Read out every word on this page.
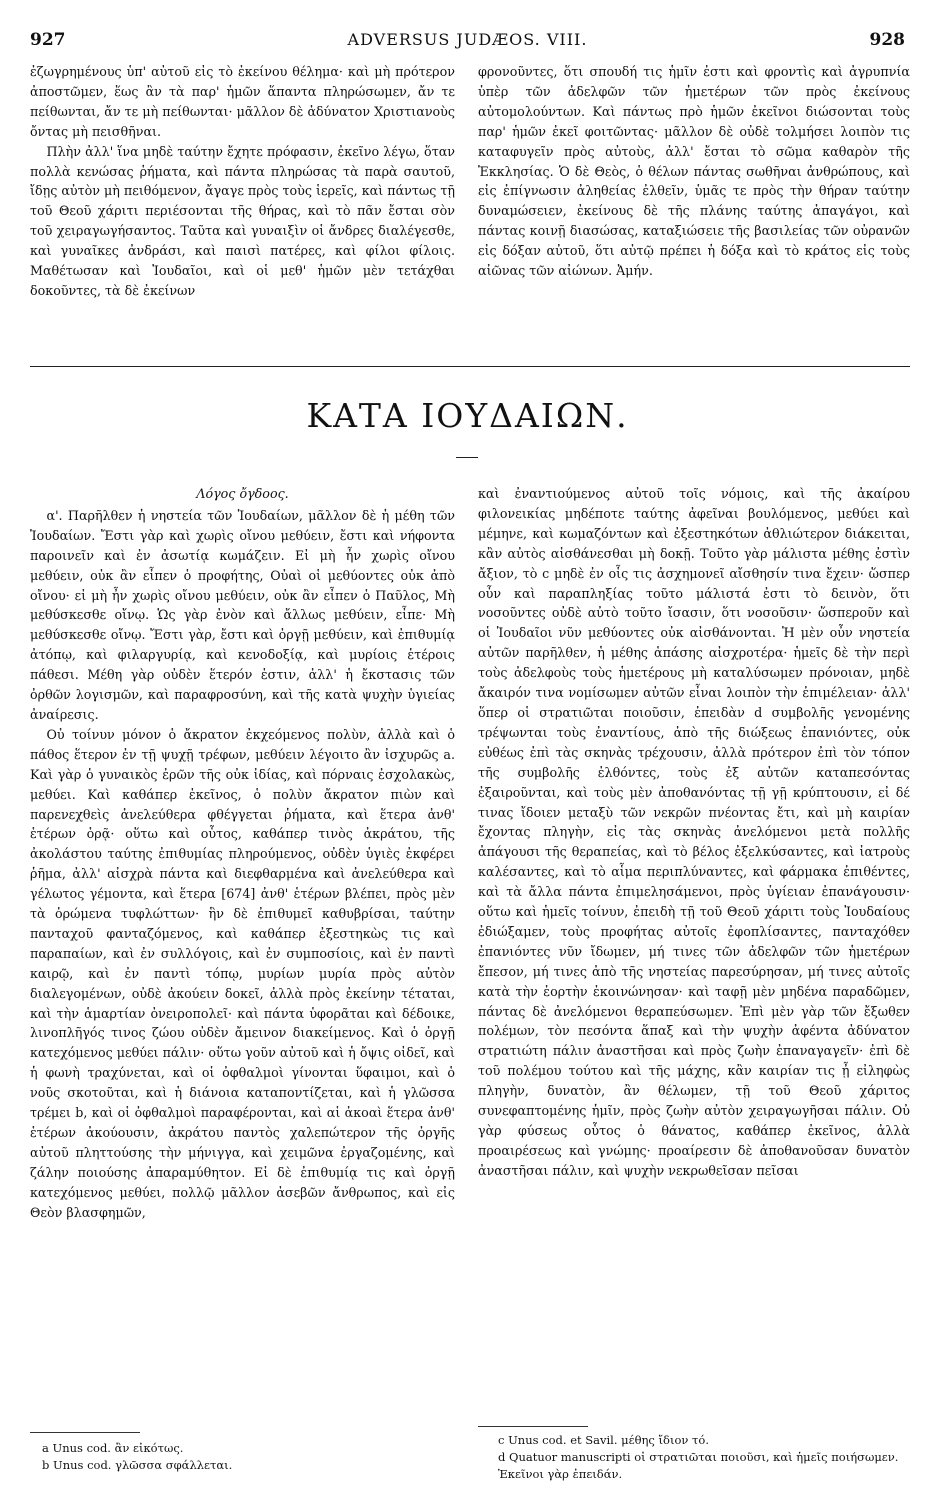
927	ADVERSUS JUDÆOS. VIII.	928

ἐζωγρημένους ὑπ' αὐτοῦ εἰς τὸ ἐκείνου θέλημα· καὶ μὴ πρότερον ἀποστῶμεν, ἕως ἂν τὰ παρ' ἡμῶν ἅπαντα πληρώσωμεν, ἄν τε πείθωνται, ἄν τε μὴ πείθωνται· μᾶλλον δὲ ἀδύνατον Χριστιανοὺς ὄντας μὴ πεισθῆναι.

Πλὴν ἀλλ' ἵνα μηδὲ ταύτην ἔχητε πρόφασιν, ἐκεῖνο λέγω, ὅταν πολλὰ κενώσας ῥήματα, καὶ πάντα πληρώσας τὰ παρὰ σαυτοῦ, ἴδῃς αὐτὸν μὴ πειθόμενον, ἄγαγε πρὸς τοὺς ἱερεῖς, καὶ πάντως τῇ τοῦ Θεοῦ χάριτι περιέσονται τῆς θήρας, καὶ τὸ πᾶν ἔσται σὸν τοῦ χειραγωγήσαντος. Ταῦτα καὶ γυναιξὶν οἱ ἄνδρες διαλέγεσθε, καὶ γυναῖκες ἀνδράσι, καὶ παισὶ πατέρες, καὶ φίλοι φίλοις. Μαθέτωσαν καὶ Ἰουδαῖοι, καὶ οἱ μεθ' ἡμῶν μὲν τετάχθαι δοκοῦντες, τὰ δὲ ἐκείνων

φρονοῦντες, ὅτι σπουδή τις ἡμῖν ἐστι καὶ φροντὶς καὶ ἀγρυπνία ὑπὲρ τῶν ἀδελφῶν τῶν ἡμετέρων τῶν πρὸς ἐκείνους αὐτομολούντων. Καὶ πάντως πρὸ ἡμῶν ἐκεῖνοι διώσονται τοὺς παρ' ἡμῶν ἐκεῖ φοιτῶντας· μᾶλλον δὲ οὐδὲ τολμήσει λοιπὸν τις καταφυγεῖν πρὸς αὐτοὺς, ἀλλ' ἔσται τὸ σῶμα καθαρὸν τῆς Ἐκκλησίας. Ὁ δὲ Θεὸς, ὁ θέλων πάντας σωθῆναι ἀνθρώπους, καὶ εἰς ἐπίγνωσιν ἀληθείας ἐλθεῖν, ὑμᾶς τε πρὸς τὴν θήραν ταύτην δυναμώσειεν, ἐκείνους δὲ τῆς πλάνης ταύτης ἀπαγάγοι, καὶ πάντας κοινῇ διασώσας, καταξιώσειε τῆς βασιλείας τῶν οὐρανῶν εἰς δόξαν αὐτοῦ, ὅτι αὐτῷ πρέπει ἡ δόξα καὶ τὸ κράτος εἰς τοὺς αἰῶνας τῶν αἰώνων. Ἀμήν.

ΚΑΤΑ ΙΟΥΔΑΙΩΝ.

Λόγος ὄγδοος.

α'. Παρῆλθεν ἡ νηστεία τῶν Ἰουδαίων, μᾶλλον δὲ ἡ μέθη τῶν Ἰουδαίων. Ἔστι γὰρ καὶ χωρὶς οἴνου μεθύειν, ἔστι καὶ νήφοντα παροινεῖν καὶ ἐν ἀσωτίᾳ κωμάζειν. Εἰ μὴ ἦν χωρὶς οἴνου μεθύειν, οὐκ ἂν εἶπεν ὁ προφήτης, Οὐαὶ οἱ μεθύοντες οὐκ ἀπὸ οἴνου· εἰ μὴ ἦν χωρὶς οἴνου μεθύειν, οὐκ ἂν εἶπεν ὁ Παῦλος, Μὴ μεθύσκεσθε οἴνῳ. Ὡς γὰρ ἐνὸν καὶ ἄλλως μεθύειν, εἶπε· Μὴ μεθύσκεσθε οἴνῳ. Ἔστι γὰρ, ἔστι καὶ ὀργῇ μεθύειν, καὶ ἐπιθυμίᾳ ἀτόπῳ, καὶ φιλαργυρίᾳ, καὶ κενοδοξίᾳ, καὶ μυρίοις ἑτέροις πάθεσι. Μέθη γὰρ οὐδὲν ἕτερόν ἐστιν, ἀλλ' ἡ ἔκστασις τῶν ὀρθῶν λογισμῶν, καὶ παραφροσύνη, καὶ τῆς κατὰ ψυχὴν ὑγιείας ἀναίρεσις.

Οὐ τοίνυν μόνον ὁ ἄκρατον ἐκχεόμενος πολὺν, ἀλλὰ καὶ ὁ πάθος ἕτερον ἐν τῇ ψυχῇ τρέφων, μεθύειν λέγοιτο ἂν ἰσχυρῶς a. Καὶ γὰρ ὁ γυναικὸς ἐρῶν τῆς οὐκ ἰδίας, καὶ πόρναις ἐσχολακὼς, μεθύει. Καὶ καθάπερ ἐκεῖνος, ὁ πολὺν ἄκρατον πιὼν καὶ παρενεχθεὶς ἀνελεύθερα φθέγγεται ῥήματα, καὶ ἕτερα ἀνθ' ἑτέρων ὁρᾷ· οὕτω καὶ οὗτος, καθάπερ τινὸς ἀκράτου, τῆς ἀκολάστου ταύτης ἐπιθυμίας πληρούμενος, οὐδὲν ὑγιὲς ἐκφέρει ῥῆμα, ἀλλ' αἰσχρὰ πάντα καὶ διεφθαρμένα καὶ ἀνελεύθερα καὶ γέλωτος γέμοντα, καὶ ἕτερα [674] ἀνθ' ἑτέρων βλέπει, πρὸς μὲν τὰ ὁρώμενα τυφλώττων· ἣν δὲ ἐπιθυμεῖ καθυβρίσαι, ταύτην πανταχοῦ φανταζόμενος, καὶ καθάπερ ἐξεστηκὼς τις καὶ παραπαίων, καὶ ἐν συλλόγοις, καὶ ἐν συμποσίοις, καὶ ἐν παντὶ καιρῷ, καὶ ἐν παντὶ τόπῳ, μυρίων μυρία πρὸς αὐτὸν διαλεγομένων, οὐδὲ ἀκούειν δοκεῖ, ἀλλὰ πρὸς ἐκείνην τέταται, καὶ τὴν ἁμαρτίαν ὀνειροπολεῖ· καὶ πάντα ὑφορᾶται καὶ δέδοικε, λινοπλῆγός τινος ζώου οὐδὲν ἄμεινον διακείμενος. Καὶ ὁ ὀργῇ κατεχόμενος μεθύει πάλιν· οὕτω γοῦν αὐτοῦ καὶ ἡ ὄψις οἰδεῖ, καὶ ἡ φωνὴ τραχύνεται, καὶ οἱ ὀφθαλμοὶ γίνονται ὕφαιμοι, καὶ ὁ νοῦς σκοτοῦται, καὶ ἡ διάνοια καταποντίζεται, καὶ ἡ γλῶσσα τρέμει b, καὶ οἱ ὀφθαλμοὶ παραφέρονται, καὶ αἱ ἀκοαὶ ἕτερα ἀνθ' ἑτέρων ἀκούουσιν, ἀκράτου παντὸς χαλεπώτερον τῆς ὀργῆς αὐτοῦ πληττούσης τὴν μήνιγγα, καὶ χειμῶνα ἐργαζομένης, καὶ ζάλην ποιούσης ἀπαραμύθητον. Εἰ δὲ ἐπιθυμίᾳ τις καὶ ὀργῇ κατεχόμενος μεθύει, πολλῷ μᾶλλον ἀσεβῶν ἄνθρωπος, καὶ εἰς Θεὸν βλασφημῶν,

καὶ ἐναντιούμενος αὐτοῦ τοῖς νόμοις, καὶ τῆς ἀκαίρου φιλονεικίας μηδέποτε ταύτης ἀφεῖναι βουλόμενος, μεθύει καὶ μέμηνε, καὶ κωμαζόντων καὶ ἐξεστηκότων ἀθλιώτερον διάκειται, κἂν αὐτὸς αἰσθάνεσθαι μὴ δοκῇ. Τοῦτο γὰρ μάλιστα μέθης ἐστὶν ἄξιον, τὸ c μηδὲ ἐν οἷς τις ἀσχημονεῖ αἴσθησίν τινα ἔχειν· ὥσπερ οὖν καὶ παραπληξίας τοῦτο μάλιστά ἐστι τὸ δεινὸν, ὅτι νοσοῦντες οὐδὲ αὐτὸ τοῦτο ἴσασιν, ὅτι νοσοῦσιν· ὥσπεροῦν καὶ οἱ Ἰουδαῖοι νῦν μεθύοντες οὐκ αἰσθάνονται. Ἡ μὲν οὖν νηστεία αὐτῶν παρῆλθεν, ἡ μέθης ἁπάσης αἰσχροτέρα· ἡμεῖς δὲ τὴν περὶ τοὺς ἀδελφοὺς τοὺς ἡμετέρους μὴ καταλύσωμεν πρόνοιαν, μηδὲ ἄκαιρόν τινα νομίσωμεν αὐτῶν εἶναι λοιπὸν τὴν ἐπιμέλειαν· ἀλλ' ὅπερ οἱ στρατιῶται ποιοῦσιν, ἐπειδὰν d συμβολῆς γενομένης τρέψωνται τοὺς ἐναντίους, ἀπὸ τῆς διώξεως ἐπανιόντες, οὐκ εὐθέως ἐπὶ τὰς σκηνὰς τρέχουσιν, ἀλλὰ πρότερον ἐπὶ τὸν τόπον τῆς συμβολῆς ἐλθόντες, τοὺς ἐξ αὐτῶν καταπεσόντας ἐξαιροῦνται, καὶ τοὺς μὲν ἀποθανόντας τῇ γῇ κρύπτουσιν, εἰ δέ τινας ἴδοιεν μεταξὺ τῶν νεκρῶν πνέοντας ἔτι, καὶ μὴ καιρίαν ἔχοντας πληγὴν, εἰς τὰς σκηνὰς ἀνελόμενοι μετὰ πολλῆς ἀπάγουσι τῆς θεραπείας, καὶ τὸ βέλος ἐξελκύσαντες, καὶ ἰατροὺς καλέσαντες, καὶ τὸ αἷμα περιπλύναντες, καὶ φάρμακα ἐπιθέντες, καὶ τὰ ἄλλα πάντα ἐπιμελησάμενοι, πρὸς ὑγίειαν ἐπανάγουσιν· οὕτω καὶ ἡμεῖς τοίνυν, ἐπειδὴ τῇ τοῦ Θεοῦ χάριτι τοὺς Ἰουδαίους ἐδιώξαμεν, τοὺς προφήτας αὐτοῖς ἐφοπλίσαντες, πανταχόθεν ἐπανιόντες νῦν ἴδωμεν, μή τινες τῶν ἀδελφῶν τῶν ἡμετέρων ἔπεσον, μή τινες ἀπὸ τῆς νηστείας παρεσύρησαν, μή τινες αὐτοῖς κατὰ τὴν ἑορτὴν ἐκοινώνησαν· καὶ ταφῇ μὲν μηδένα παραδῶμεν, πάντας δὲ ἀνελόμενοι θεραπεύσωμεν. Ἐπὶ μὲν γὰρ τῶν ἔξωθεν πολέμων, τὸν πεσόντα ἅπαξ καὶ τὴν ψυχὴν ἀφέντα ἀδύνατον στρατιώτη πάλιν ἀναστῆσαι καὶ πρὸς ζωὴν ἐπαναγαγεῖν· ἐπὶ δὲ τοῦ πολέμου τούτου καὶ τῆς μάχης, κἂν καιρίαν τις ᾖ εἰληφὼς πληγὴν, δυνατὸν, ἂν θέλωμεν, τῇ τοῦ Θεοῦ χάριτος συνεφαπτομένης ἡμῖν, πρὸς ζωὴν αὐτὸν χειραγωγῆσαι πάλιν. Οὐ γὰρ φύσεως οὗτος ὁ θάνατος, καθάπερ ἐκεῖνος, ἀλλὰ προαιρέσεως καὶ γνώμης· προαίρεσιν δὲ ἀποθανοῦσαν δυνατὸν ἀναστῆσαι πάλιν, καὶ ψυχὴν νεκρωθεῖσαν πεῖσαι

a Unus cod. ἂν εἰκότως.
b Unus cod. γλῶσσα σφάλλεται.
c Unus cod. et Savil. μέθης ἴδιον τό.
d Quatuor manuscripti οἱ στρατιῶται ποιοῦσι, καὶ ἡμεῖς ποιήσωμεν. Ἐκεῖνοι γὰρ ἐπειδάν.
